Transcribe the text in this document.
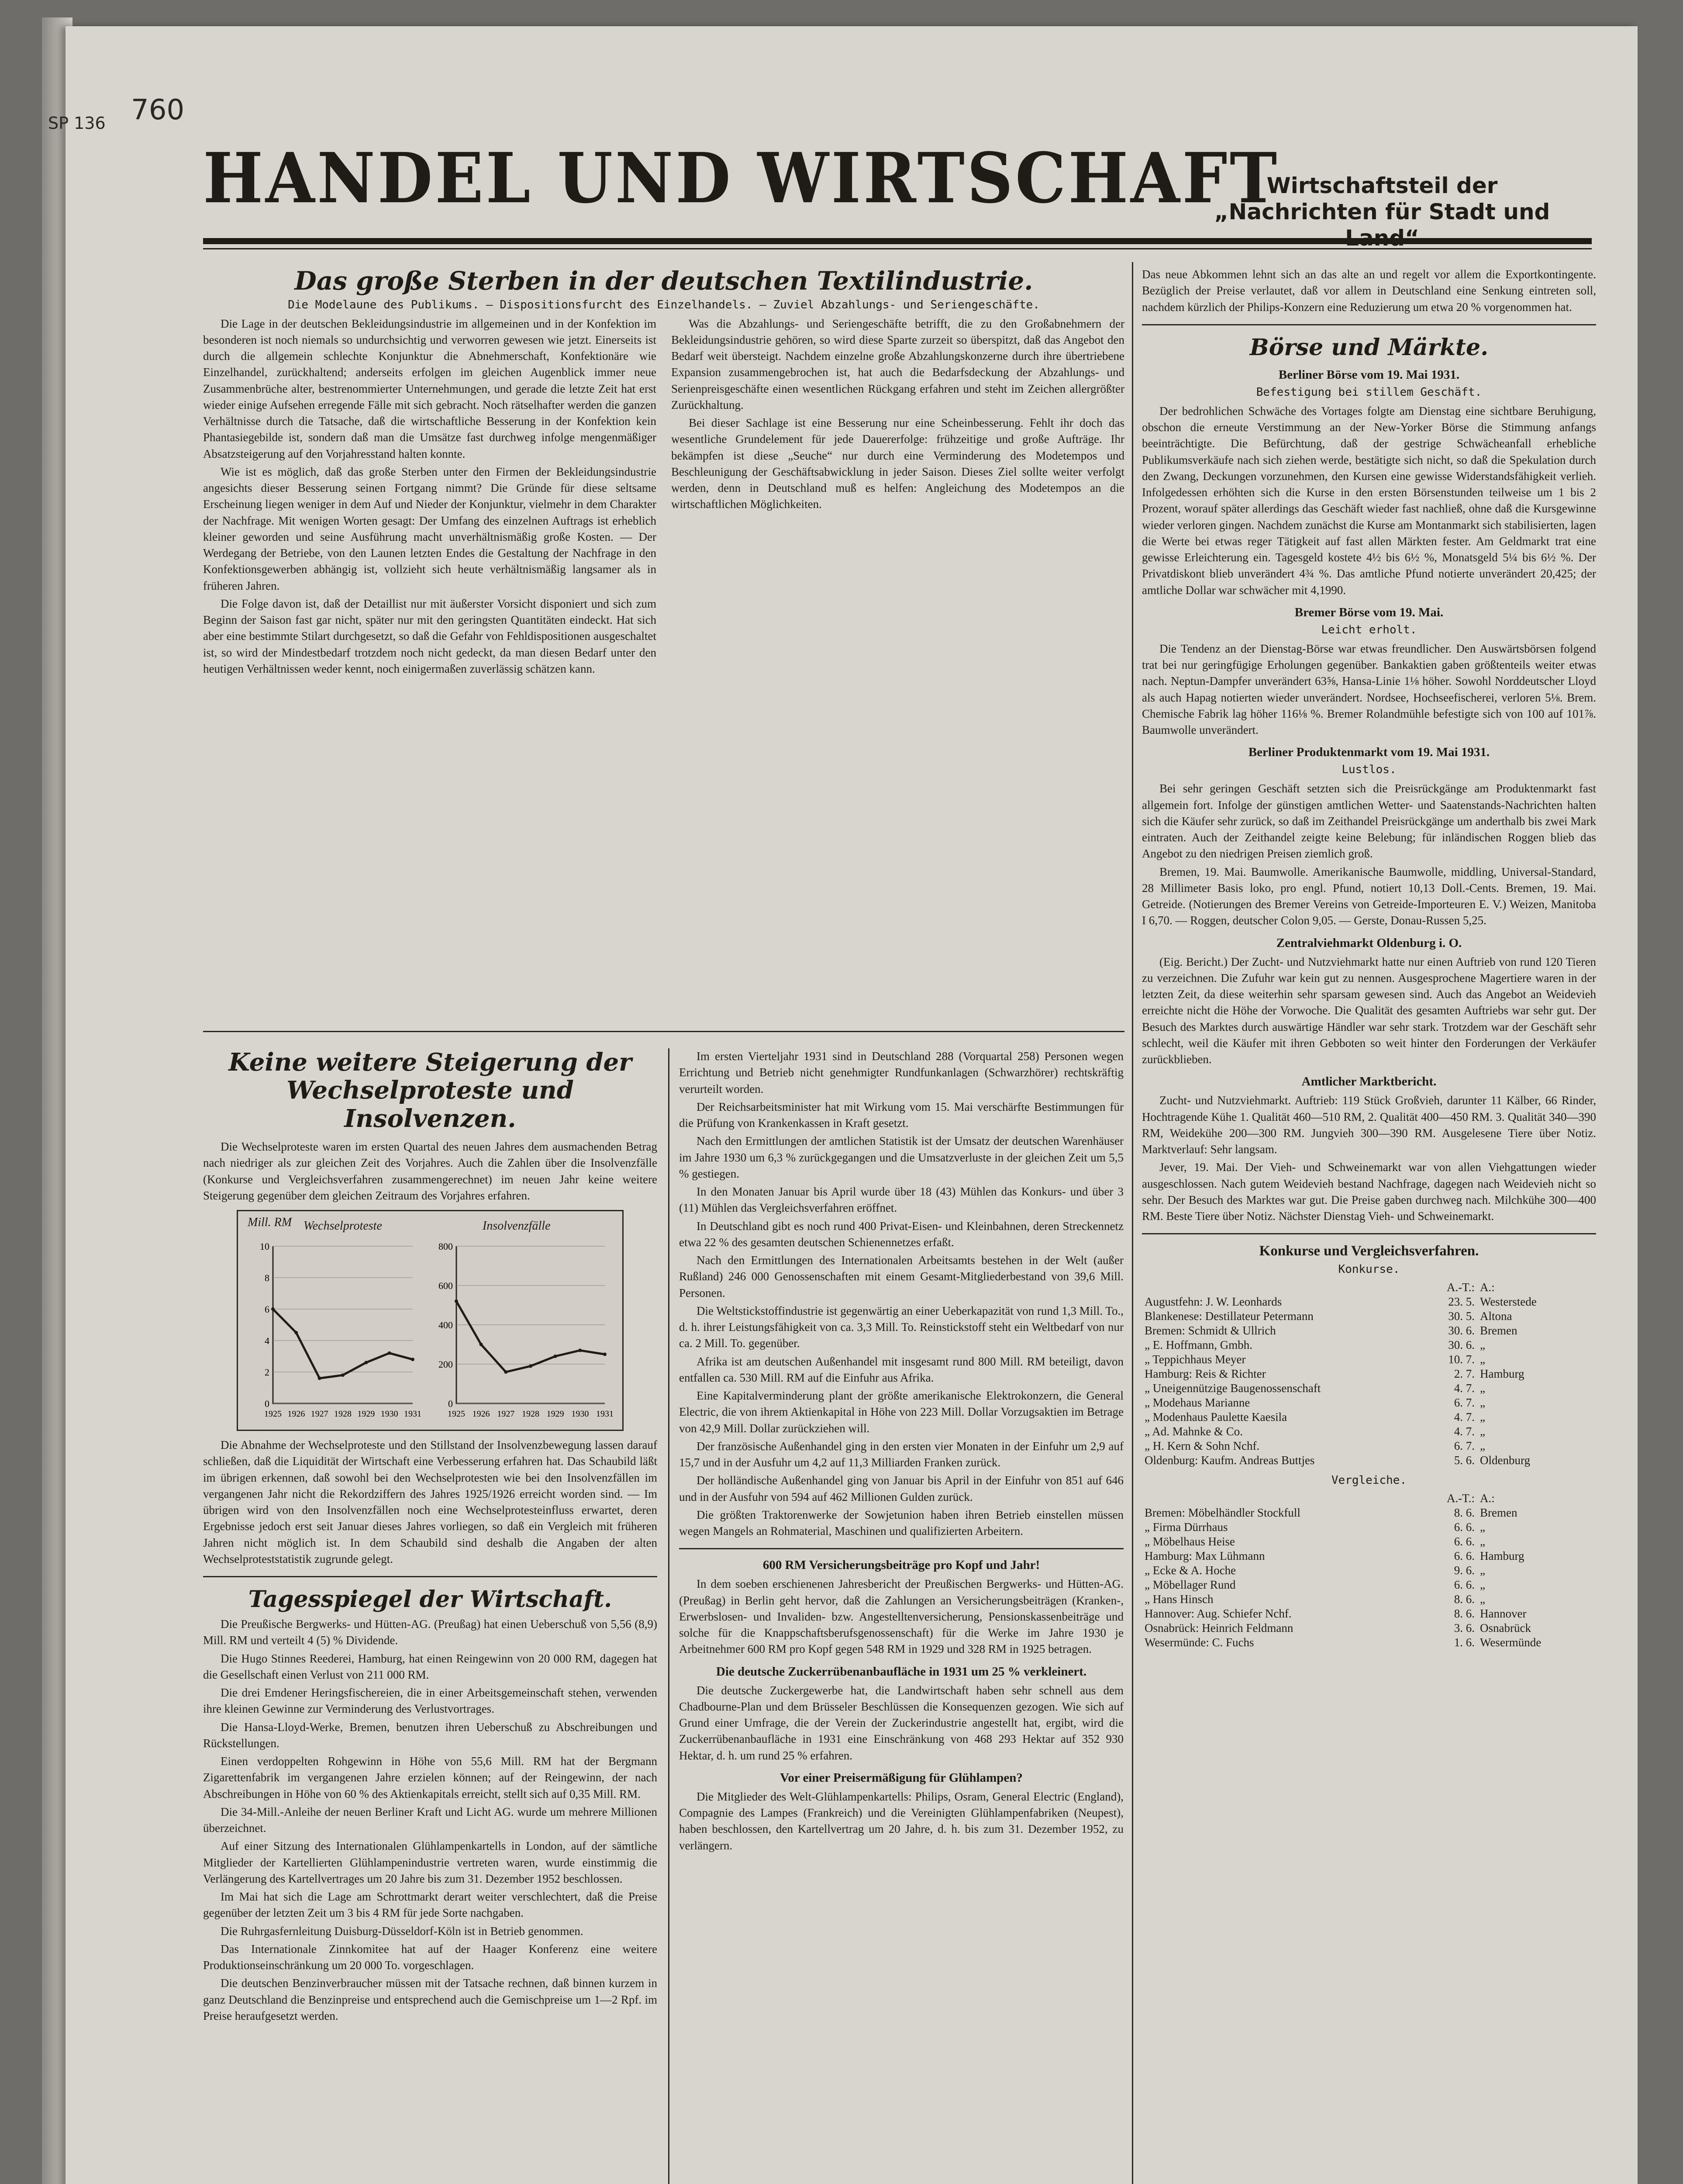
SP 136 760
HANDEL UND WIRTSCHAFT
Wirtschaftsteil der
„Nachrichten für Stadt und
Das große Sterben in der deutschen Textilindustrie.
Die Modelaune des Publikums. — Dispositionsfurcht des Einzelhandels. — Zuviel Abzahlungs- und Seriengeschäfte.

Die Lage in der deutschen Bekleidungsindustrie im allgemeinen und in der Konfektion im besonderen ist noch niemals so undurchsichtig und verworren gewesen wie jetzt. Einerseits ist durch die allgemein schlechte Konjunktur die Abnehmerschaft, Konfektionäre wie Einzelhandel, zurückhaltend; anderseits erfolgen im gleichen Augenblick immer neue Zusammenbrüche alter, bestrenommierter Unternehmungen, und gerade die letzte Zeit hat erst wieder einige Aufsehen erregende Fälle mit sich gebracht. Noch rätselhafter werden die ganzen Verhältnisse durch die Tatsache, daß die wirtschaftliche Besserung in der Konfektion kein Phantasiegebilde ist, sondern daß man die Umsätze fast durchweg infolge mengenmäßiger Absatzsteigerung auf den Vorjahresstand halten konnte.

Wie ist es möglich, daß das große Sterben unter den Firmen der Bekleidungsindustrie angesichts dieser Besserung seinen Fortgang nimmt? Die Gründe für diese seltsame Erscheinung liegen weniger in dem Auf und Nieder der Konjunktur, vielmehr in dem Charakter der Nachfrage. Mit wenigen Worten gesagt: Der Umfang des einzelnen Auftrags ist erheblich kleiner geworden und seine Ausführung macht unverhältnismäßig große Kosten. — Der Werdegang der Betriebe, von den Launen letzten Endes die Gestaltung der Nachfrage in den Konfektionsgewerben abhängig ist, vollzieht sich heute verhältnismäßig langsamer als in früheren Jahren.

Die Folge davon ist, daß der Detaillist nur mit äußerster Vorsicht disponiert und sich zum Beginn der Saison fast gar nicht, später nur mit den geringsten Quantitäten eindeckt. Hat sich aber eine bestimmte Stilart durchgesetzt, so daß die Gefahr von Fehldispositionen ausgeschaltet ist, so wird der Mindestbedarf trotzdem noch nicht gedeckt, da man diesen Bedarf unter den heutigen Verhältnissen weder kennt, noch einigermaßen zuverlässig schätzen kann.

Was die Abzahlungs- und Seriengeschäfte betrifft, die zu den Großabnehmern der Bekleidungsindustrie gehören, so wird diese Sparte zurzeit so überspitzt, daß das Angebot den Bedarf weit übersteigt. Nachdem einzelne große Abzahlungskonzerne durch ihre übertriebene Expansion zusammengebrochen ist, hat auch die Bedarfsdeckung der Abzahlungs- und Serienpreisgeschäfte einen wesentlichen Rückgang erfahren und steht im Zeichen allergrößter Zurückhaltung.

Bei dieser Sachlage ist eine Besserung nur eine Scheinbesserung. Fehlt ihr doch das wesentliche Grundelement für jede Dauererfolge: frühzeitige und große Aufträge. Ihr bekämpfen ist diese „Seuche“ nur durch eine Verminderung des Modetempos und Beschleunigung der Geschäftsabwicklung in jeder Saison. Dieses Ziel sollte weiter verfolgt werden, denn in Deutschland muß es helfen: Angleichung des Modetempos an die wirtschaftlichen Möglichkeiten.

Keine weitere Steigerung der Wechselproteste und Insolvenzen.

Die Wechselproteste waren im ersten Quartal des neuen Jahres dem ausmachenden Betrag nach niedriger als zur gleichen Zeit des Vorjahres. Auch die Zahlen über die Insolvenzfälle (Konkurse und Vergleichsverfahren zusammengerechnet) im neuen Jahr keine weitere Steigerung gegenüber dem gleichen Zeitraum des Vorjahres erfahren.

Mill. RM Wechselproteste	Insolvenzfälle
0
2
4
6
8
10
1925 1926 1927 1928 1929 1930 1931
0
200
400
600
800
1925 1926 1927 1928 1929 1930 1931

Die Abnahme der Wechselproteste und den Stillstand der Insolvenzbewegung lassen darauf schließen, daß die Liquidität der Wirtschaft eine Verbesserung erfahren hat. Das Schaubild läßt im übrigen erkennen, daß sowohl bei den Wechselprotesten wie bei den Insolvenzfällen im vergangenen Jahr nicht die Rekordziffern des Jahres 1925/1926 erreicht worden sind. — Im übrigen wird von den Insolvenzfällen noch eine Wechselprotesteinfluss erwartet, deren Ergebnisse jedoch erst seit Januar dieses Jahres vorliegen, so daß ein Vergleich mit früheren Jahren nicht möglich ist. In dem Schaubild sind deshalb die Angaben der alten Wechselproteststatistik zugrunde gelegt.

Tagesspiegel der Wirtschaft.

Die Preußische Bergwerks- und Hütten-AG. (Preußag) hat einen Ueberschuß von 5,56 (8,9) Mill. RM und verteilt 4 (5) % Dividende.

Die Hugo Stinnes Reederei, Hamburg, hat einen Reingewinn von 20 000 RM, dagegen hat die Gesellschaft einen Verlust von 211 000 RM.

Die drei Emdener Heringsfischereien, die in einer Arbeitsgemeinschaft stehen, verwenden ihre kleinen Gewinne zur Verminderung des Verlustvortrages.

Die Hansa-Lloyd-Werke, Bremen, benutzen ihren Ueberschuß zu Abschreibungen und Rückstellungen.

Einen verdoppelten Rohgewinn in Höhe von 55,6 Mill. RM hat der Bergmann Zigarettenfabrik im vergangenen Jahre erzielen können; auf der Reingewinn, der nach Abschreibungen in Höhe von 60 % des Aktienkapitals erreicht, stellt sich auf 0,35 Mill. RM.

Die 34-Mill.-Anleihe der neuen Berliner Kraft und Licht AG. wurde um mehrere Millionen überzeichnet.

Auf einer Sitzung des Internationalen Glühlampenkartells in London, auf der sämtliche Mitglieder der Kartellierten Glühlampenindustrie vertreten waren, wurde einstimmig die Verlängerung des Kartellvertrages um 20 Jahre bis zum 31. Dezember 1952 beschlossen.

Im Mai hat sich die Lage am Schrottmarkt derart weiter verschlechtert, daß die Preise gegenüber der letzten Zeit um 3 bis 4 RM für jede Sorte nachgaben.

Die Ruhrgasfernleitung Duisburg-Düsseldorf-Köln ist in Betrieb genommen.

Das Internationale Zinnkomitee hat auf der Haager Konferenz eine weitere Produktionseinschränkung um 20 000 To. vorgeschlagen.

Die deutschen Benzinverbraucher müssen mit der Tatsache rechnen, daß binnen kurzem in ganz Deutschland die Benzinpreise und entsprechend auch die Gemischpreise um 1—2 Rpf. im Preise heraufgesetzt werden.

Im ersten Vierteljahr 1931 sind in Deutschland 288 (Vorquartal 258) Personen wegen Errichtung und Betrieb nicht genehmigter Rundfunkanlagen (Schwarzhörer) rechtskräftig verurteilt worden.

Der Reichsarbeitsminister hat mit Wirkung vom 15. Mai verschärfte Bestimmungen für die Prüfung von Krankenkassen in Kraft gesetzt.

Nach den Ermittlungen der amtlichen Statistik ist der Umsatz der deutschen Warenhäuser im Jahre 1930 um 6,3 % zurückgegangen und die Umsatzverluste in der gleichen Zeit um 5,5 % gestiegen.

In den Monaten Januar bis April wurde über 18 (43) Mühlen das Konkurs- und über 3 (11) Mühlen das Vergleichsverfahren eröffnet.

In Deutschland gibt es noch rund 400 Privat-Eisen- und Kleinbahnen, deren Streckennetz etwa 22 % des gesamten deutschen Schienennetzes erfaßt.

Nach den Ermittlungen des Internationalen Arbeitsamts bestehen in der Welt (außer Rußland) 246 000 Genossenschaften mit einem Gesamt-Mitgliederbestand von 39,6 Mill. Personen.

Die Weltstickstoffindustrie ist gegenwärtig an einer Ueberkapazität von rund 1,3 Mill. To., d. h. ihrer Leistungsfähigkeit von ca. 3,3 Mill. To. Reinstickstoff steht ein Weltbedarf von nur ca. 2 Mill. To. gegenüber.

Afrika ist am deutschen Außenhandel mit insgesamt rund 800 Mill. RM beteiligt, davon entfallen ca. 530 Mill. RM auf die Einfuhr aus Afrika.

Eine Kapitalverminderung plant der größte amerikanische Elektrokonzern, die General Electric, die von ihrem Aktienkapital in Höhe von 223 Mill. Dollar Vorzugsaktien im Betrage von 42,9 Mill. Dollar zurückziehen will.

Der französische Außenhandel ging in den ersten vier Monaten in der Einfuhr um 2,9 auf 15,7 und in der Ausfuhr um 4,2 auf 11,3 Milliarden Franken zurück.

Der holländische Außenhandel ging von Januar bis April in der Einfuhr von 851 auf 646 und in der Ausfuhr von 594 auf 462 Millionen Gulden zurück.

Die größten Traktorenwerke der Sowjetunion haben ihren Betrieb einstellen müssen wegen Mangels an Rohmaterial, Maschinen und qualifizierten Arbeitern.

600 RM Versicherungsbeiträge pro Kopf und Jahr!

In dem soeben erschienenen Jahresbericht der Preußischen Bergwerks- und Hütten-AG. (Preußag) in Berlin geht hervor, daß die Zahlungen an Versicherungsbeiträgen (Kranken-, Erwerbslosen- und Invaliden- bzw. Angestelltenversicherung, Pensionskassenbeiträge und solche für die Knappschaftsberufsgenossenschaft) für die Werke im Jahre 1930 je Arbeitnehmer 600 RM pro Kopf gegen 548 RM in 1929 und 328 RM in 1925 betragen.

Die deutsche Zuckerrübenanbaufläche in 1931 um 25 % verkleinert.

Die deutsche Zuckergewerbe hat, die Landwirtschaft haben sehr schnell aus dem Chadbourne-Plan und dem Brüsseler Beschlüssen die Konsequenzen gezogen. Wie sich auf Grund einer Umfrage, die der Verein der Zuckerindustrie angestellt hat, ergibt, wird die Zuckerrübenanbaufläche in 1931 eine Einschränkung von 468 293 Hektar auf 352 930 Hektar, d. h. um rund 25 % erfahren.

Vor einer Preisermäßigung für Glühlampen?

Die Mitglieder des Welt-Glühlampenkartells: Philips, Osram, General Electric (England), Compagnie des Lampes (Frankreich) und die Vereinigten Glühlampenfabriken (Neupest), haben beschlossen, den Kartellvertrag um 20 Jahre, d. h. bis zum 31. Dezember 1952, zu verlängern.

Das neue Abkommen lehnt sich an das alte an und regelt vor allem die Exportkontingente. Bezüglich der Preise verlautet, daß vor allem in Deutschland eine Senkung eintreten soll, nachdem kürzlich der Philips-Konzern eine Reduzierung um etwa 20 % vorgenommen hat.

Börse und Märkte.
Berliner Börse vom 19. Mai 1931.
Befestigung bei stillem Geschäft.

Der bedrohlichen Schwäche des Vortages folgte am Dienstag eine sichtbare Beruhigung, obschon die erneute Verstimmung an der New-Yorker Börse die Stimmung anfangs beeinträchtigte. Die Befürchtung, daß der gestrige Schwächeanfall erhebliche Publikumsverkäufe nach sich ziehen werde, bestätigte sich nicht, so daß die Spekulation durch den Zwang, Deckungen vorzunehmen, den Kursen eine gewisse Widerstandsfähigkeit verlieh. Infolgedessen erhöhten sich die Kurse in den ersten Börsenstunden teilweise um 1 bis 2 Prozent, worauf später allerdings das Geschäft wieder fast nachließ, ohne daß die Kursgewinne wieder verloren gingen. Nachdem zunächst die Kurse am Montanmarkt sich stabilisierten, lagen die Werte bei etwas reger Tätigkeit auf fast allen Märkten fester. Am Geldmarkt trat eine gewisse Erleichterung ein. Tagesgeld kostete 4½ bis 6½ %, Monatsgeld 5¼ bis 6½ %. Der Privatdiskont blieb unverändert 4¾ %. Das amtliche Pfund notierte unverändert 20,425; der amtliche Dollar war schwächer mit 4,1990.

Bremer Börse vom 19. Mai.
Leicht erholt.

Die Tendenz an der Dienstag-Börse war etwas freundlicher. Den Auswärtsbörsen folgend trat bei nur geringfügige Erholungen gegenüber. Bankaktien gaben größtenteils weiter etwas nach. Neptun-Dampfer unverändert 63⅝, Hansa-Linie 1⅛ höher. Sowohl Norddeutscher Lloyd als auch Hapag notierten wieder unverändert. Nordsee, Hochseefischerei, verloren 5⅛. Brem. Chemische Fabrik lag höher 116⅛ %. Bremer Rolandmühle befestigte sich von 100 auf 101⅞. Baumwolle unverändert.

Berliner Produktenmarkt vom 19. Mai 1931.
Lustlos.

Bei sehr geringen Geschäft setzten sich die Preisrückgänge am Produktenmarkt fast allgemein fort. Infolge der günstigen amtlichen Wetter- und Saatenstands-Nachrichten halten sich die Käufer sehr zurück, so daß im Zeithandel Preisrückgänge um anderthalb bis zwei Mark eintraten. Auch der Zeithandel zeigte keine Belebung; für inländischen Roggen blieb das Angebot zu den niedrigen Preisen ziemlich groß.

Bremen, 19. Mai. Baumwolle. Amerikanische Baumwolle, middling, Universal-Standard, 28 Millimeter Basis loko, pro engl. Pfund, notiert 10,13 Doll.-Cents. Bremen, 19. Mai. Getreide. (Notierungen des Bremer Vereins von Getreide-Importeuren E. V.) Weizen, Manitoba I 6,70. — Roggen, deutscher Colon 9,05. — Gerste, Donau-Russen 5,25.

Zentralviehmarkt Oldenburg i. O.

(Eig. Bericht.) Der Zucht- und Nutzviehmarkt hatte nur einen Auftrieb von rund 120 Tieren zu verzeichnen. Die Zufuhr war kein gut zu nennen. Ausgesprochene Magertiere waren in der letzten Zeit, da diese weiterhin sehr sparsam gewesen sind. Auch das Angebot an Weidevieh erreichte nicht die Höhe der Vorwoche. Die Qualität des gesamten Auftriebs war sehr gut. Der Besuch des Marktes durch auswärtige Händler war sehr stark. Trotzdem war der Geschäft sehr schlecht, weil die Käufer mit ihren Gebboten so weit hinter den Forderungen der Verkäufer zurückblieben.

Amtlicher Marktbericht.

Zucht- und Nutzviehmarkt. Auftrieb: 119 Stück Großvieh, darunter 11 Kälber, 66 Rinder, Hochtragende Kühe 1. Qualität 460—510 RM, 2. Qualität 400—450 RM. 3. Qualität 340—390 RM, Weidekühe 200—300 RM. Jungvieh 300—390 RM. Ausgelesene Tiere über Notiz. Marktverlauf: Sehr langsam.

Jever, 19. Mai. Der Vieh- und Schweinemarkt war von allen Viehgattungen wieder ausgeschlossen. Nach gutem Weidevieh bestand Nachfrage, dagegen nach Weidevieh nicht so sehr. Der Besuch des Marktes war gut. Die Preise gaben durchweg nach. Milchkühe 300—400 RM. Beste Tiere über Notiz. Nächster Dienstag Vieh- und Schweinemarkt.

Konkurse und Vergleichsverfahren.
Konkurse.
	A.-T.:	A.:
Augustfehn: J. W. Leonhards	23. 5.	Westerstede
Blankenese: Destillateur Petermann	30. 5.	Altona
Bremen: Schmidt & Ullrich	30. 6.	Bremen
„ E. Hoffmann, Gmbh.	30. 6.	„
„ Teppichhaus Meyer	10. 7.	„
Hamburg: Reis & Richter	2. 7.	Hamburg
„ Uneigennützige Baugenossenschaft	4. 7.	„
„ Modehaus Marianne	6. 7.	„
„ Modenhaus Paulette Kaesila	4. 7.	„
„ Ad. Mahnke & Co.	4. 7.	„
„ H. Kern & Sohn Nchf.	6. 7.	„
Oldenburg: Kaufm. Andreas Buttjes	5. 6.	Oldenburg
Vergleiche.
	A.-T.:	A.:
Bremen: Möbelhändler Stockfull	8. 6.	Bremen
„ Firma Dürrhaus	6. 6.	„
„ Möbelhaus Heise	6. 6.	„
Hamburg: Max Lühmann	6. 6.	Hamburg
„ Ecke & A. Hoche	9. 6.	„
„ Möbellager Rund	6. 6.	„
„ Hans Hinsch	8. 6.	„
Hannover: Aug. Schiefer Nchf.	8. 6.	Hannover
Osnabrück: Heinrich Feldmann	3. 6.	Osnabrück
Wesermünde: C. Fuchs	1. 6.	Wesermünde
